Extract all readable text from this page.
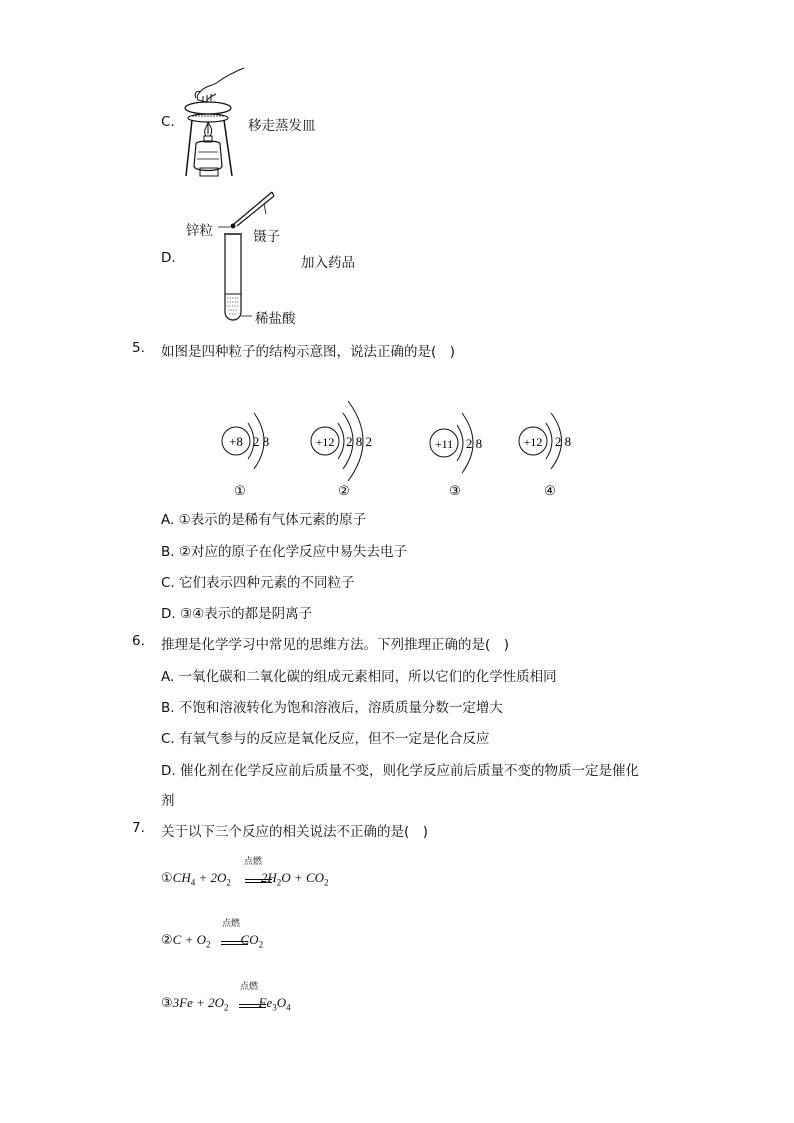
C.	移走蒸发皿
D.
锌粒	镊子
加入药品
稀盐酸
5. 如图是四种粒子的结构示意图，说法正确的是(　)
+8 2 8
①
+12 2 8 2
②
+11 2 8
③
+12 2 8
④
A. ①表示的是稀有气体元素的原子
B. ②对应的原子在化学反应中易失去电子
C. 它们表示四种元素的不同粒子
D. ③④表示的都是阴离子
6. 推理是化学学习中常见的思维方法。下列推理正确的是(　)
A. 一氧化碳和二氧化碳的组成元素相同，所以它们的化学性质相同
B. 不饱和溶液转化为饱和溶液后，溶质质量分数一定增大
C. 有氧气参与的反应是氧化反应，但不一定是化合反应
D. 催化剂在化学反应前后质量不变，则化学反应前后质量不变的物质一定是催化
剂
7. 关于以下三个反应的相关说法不正确的是(　)
点燃
$①CH_4 + 2O_2$ $2H_2O + CO_2$
点燃
②C + $O_2$ $CO_2$
点燃
③3Fe + $2O_2$ $Fe_3O_4$
